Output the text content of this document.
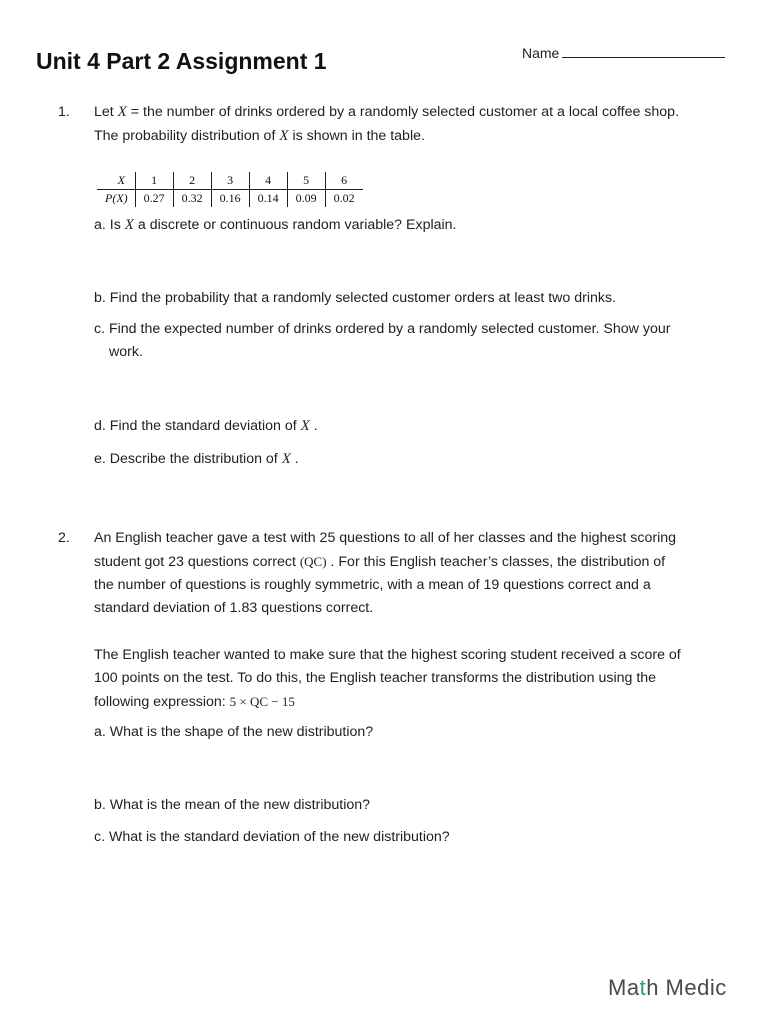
Unit 4 Part 2 Assignment 1	Name
1. Let X = the number of drinks ordered by a randomly selected customer at a local coffee shop.
The probability distribution of X is shown in the table.
X	1	2	3	4	5	6
P(X)	0.27	0.32	0.16	0.14	0.09	0.02
a. Is X a discrete or continuous random variable? Explain.
b. Find the probability that a randomly selected customer orders at least two drinks.
c. Find the expected number of drinks ordered by a randomly selected customer. Show your
work.
d. Find the standard deviation of X .
e. Describe the distribution of X .
2. An English teacher gave a test with 25 questions to all of her classes and the highest scoring
student got 23 questions correct (QC) . For this English teacher’s classes, the distribution of
the number of questions is roughly symmetric, with a mean of 19 questions correct and a
standard deviation of 1.83 questions correct.
The English teacher wanted to make sure that the highest scoring student received a score of
100 points on the test. To do this, the English teacher transforms the distribution using the
following expression: 5 × QC − 15
a. What is the shape of the new distribution?
b. What is the mean of the new distribution?
c. What is the standard deviation of the new distribution?
Math Medic
